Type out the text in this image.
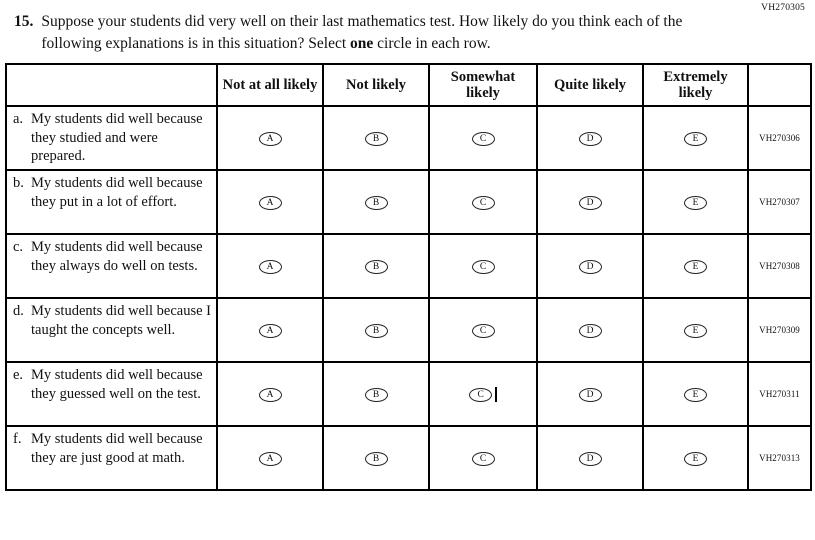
VH270305
15. Suppose your students did very well on their last mathematics test. How likely do you think each of the following explanations is in this situation? Select one circle in each row.
	Not at all likely	Not likely	Somewhat likely	Quite likely	Extremely likely	

a. My students did well because they studied and were prepared.	A	B	C	D	E	VH270306

b. My students did well because they put in a lot of effort.	A	B	C	D	E	VH270307

c. My students did well because they always do well on tests.	A	B	C	D	E	VH270308

d. My students did well because I taught the concepts well.	A	B	C	D	E	VH270309

e. My students did well because they guessed well on the test.	A	B	C	D	E	VH270311

f. My students did well because they are just good at math.	A	B	C	D	E	VH270313
